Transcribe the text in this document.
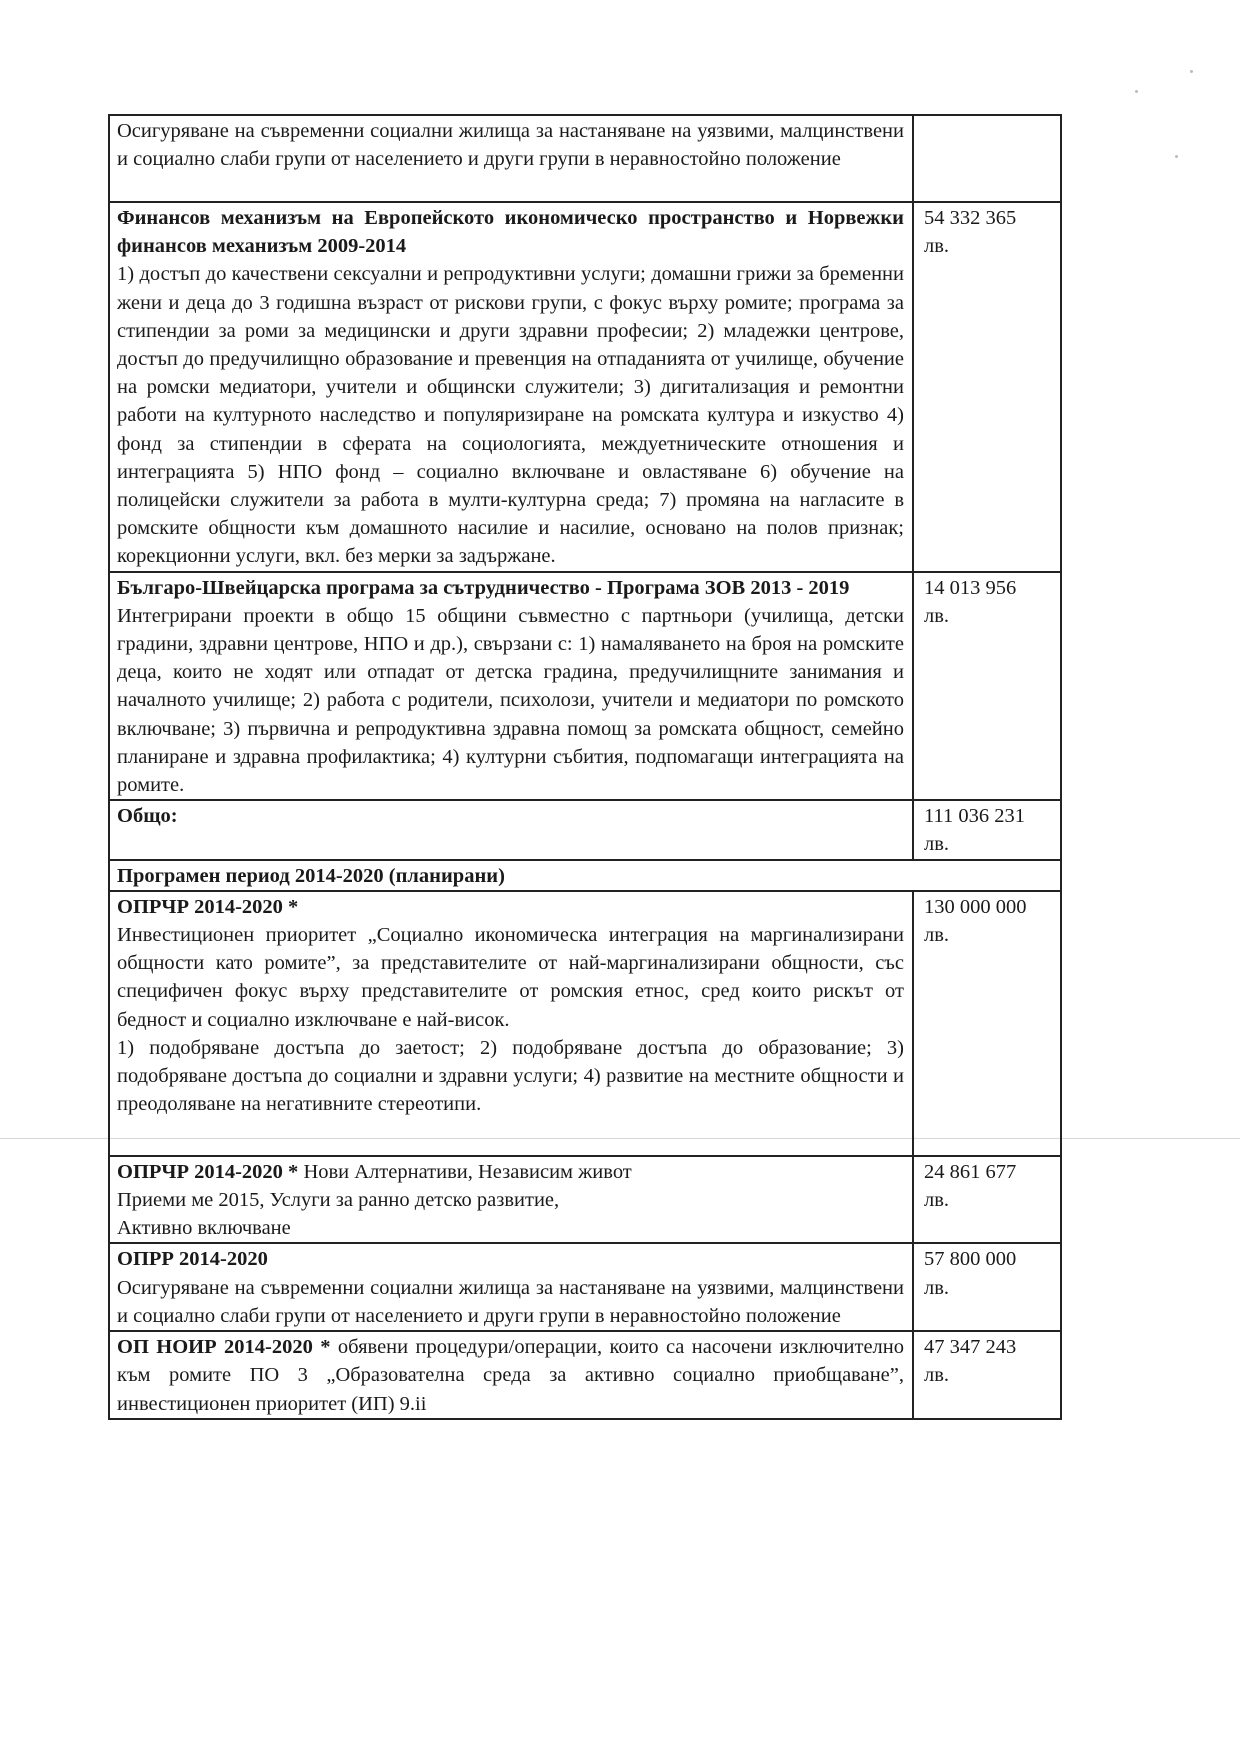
Осигуряване на съвременни социални жилища за настаняване на уязвими, малцинствени и социално слаби групи от населението и други групи в неравностойно положение	

Финансов механизъм на Европейското икономическо пространство и Норвежки финансов механизъм 2009-2014
1) достъп до качествени сексуални и репродуктивни услуги; домашни грижи за бременни жени и деца до 3 годишна възраст от рискови групи, с фокус върху ромите; програма за стипендии за роми за медицински и други здравни професии; 2) младежки центрове, достъп до предучилищно образование и превенция на отпаданията от училище, обучение на ромски медиатори, учители и общински служители; 3) дигитализация и ремонтни работи на културното наследство и популяризиране на ромската култура и изкуство 4) фонд за стипендии в сферата на социологията, междуетническите отношения и интеграцията 5) НПО фонд – социално включване и овластяване 6) обучение на полицейски служители за работа в мулти-културна среда; 7) промяна на нагласите в ромските общности към домашното насилие и насилие, основано на полов признак; корекционни услуги, вкл. без мерки за задържане.	54 332 365
лв.

Българо-Швейцарска програма за сътрудничество - Програма ЗОВ 2013 - 2019
Интегрирани проекти в общо 15 общини съвместно с партньори (училища, детски градини, здравни центрове, НПО и др.), свързани с: 1) намаляването на броя на ромските деца, които не ходят или отпадат от детска градина, предучилищните занимания и началното училище; 2) работа с родители, психолози, учители и медиатори по ромското включване; 3) първична и репродуктивна здравна помощ за ромската общност, семейно планиране и здравна профилактика; 4) културни събития, подпомагащи интеграцията на ромите.	14 013 956
лв.

Общо:	111 036 231
лв.

Програмен период 2014-2020 (планирани)	

ОПРЧР 2014-2020 *
Инвестиционен приоритет „Социално икономическа интеграция на маргинализирани общности като ромите”, за представителите от най-маргинализирани общности, със специфичен фокус върху представителите от ромския етнос, сред които рискът от бедност и социално изключване е най-висок.
1) подобряване достъпа до заетост; 2) подобряване достъпа до образование; 3) подобряване достъпа до социални и здравни услуги; 4) развитие на местните общности и преодоляване на негативните стереотипи.	130 000 000
лв.

ОПРЧР 2014-2020 * Нови Алтернативи, Независим живот
Приеми ме 2015, Услуги за ранно детско развитие,
Активно включване	24 861 677
лв.

ОПРР 2014-2020
Осигуряване на съвременни социални жилища за настаняване на уязвими, малцинствени и социално слаби групи от населението и други групи в неравностойно положение	57 800 000
лв.

ОП НОИР 2014-2020 * обявени процедури/операции, които са насочени изключително към ромите ПО 3 „Образователна среда за активно социално приобщаване”, инвестиционен приоритет (ИП) 9.ii	47 347 243
лв.
